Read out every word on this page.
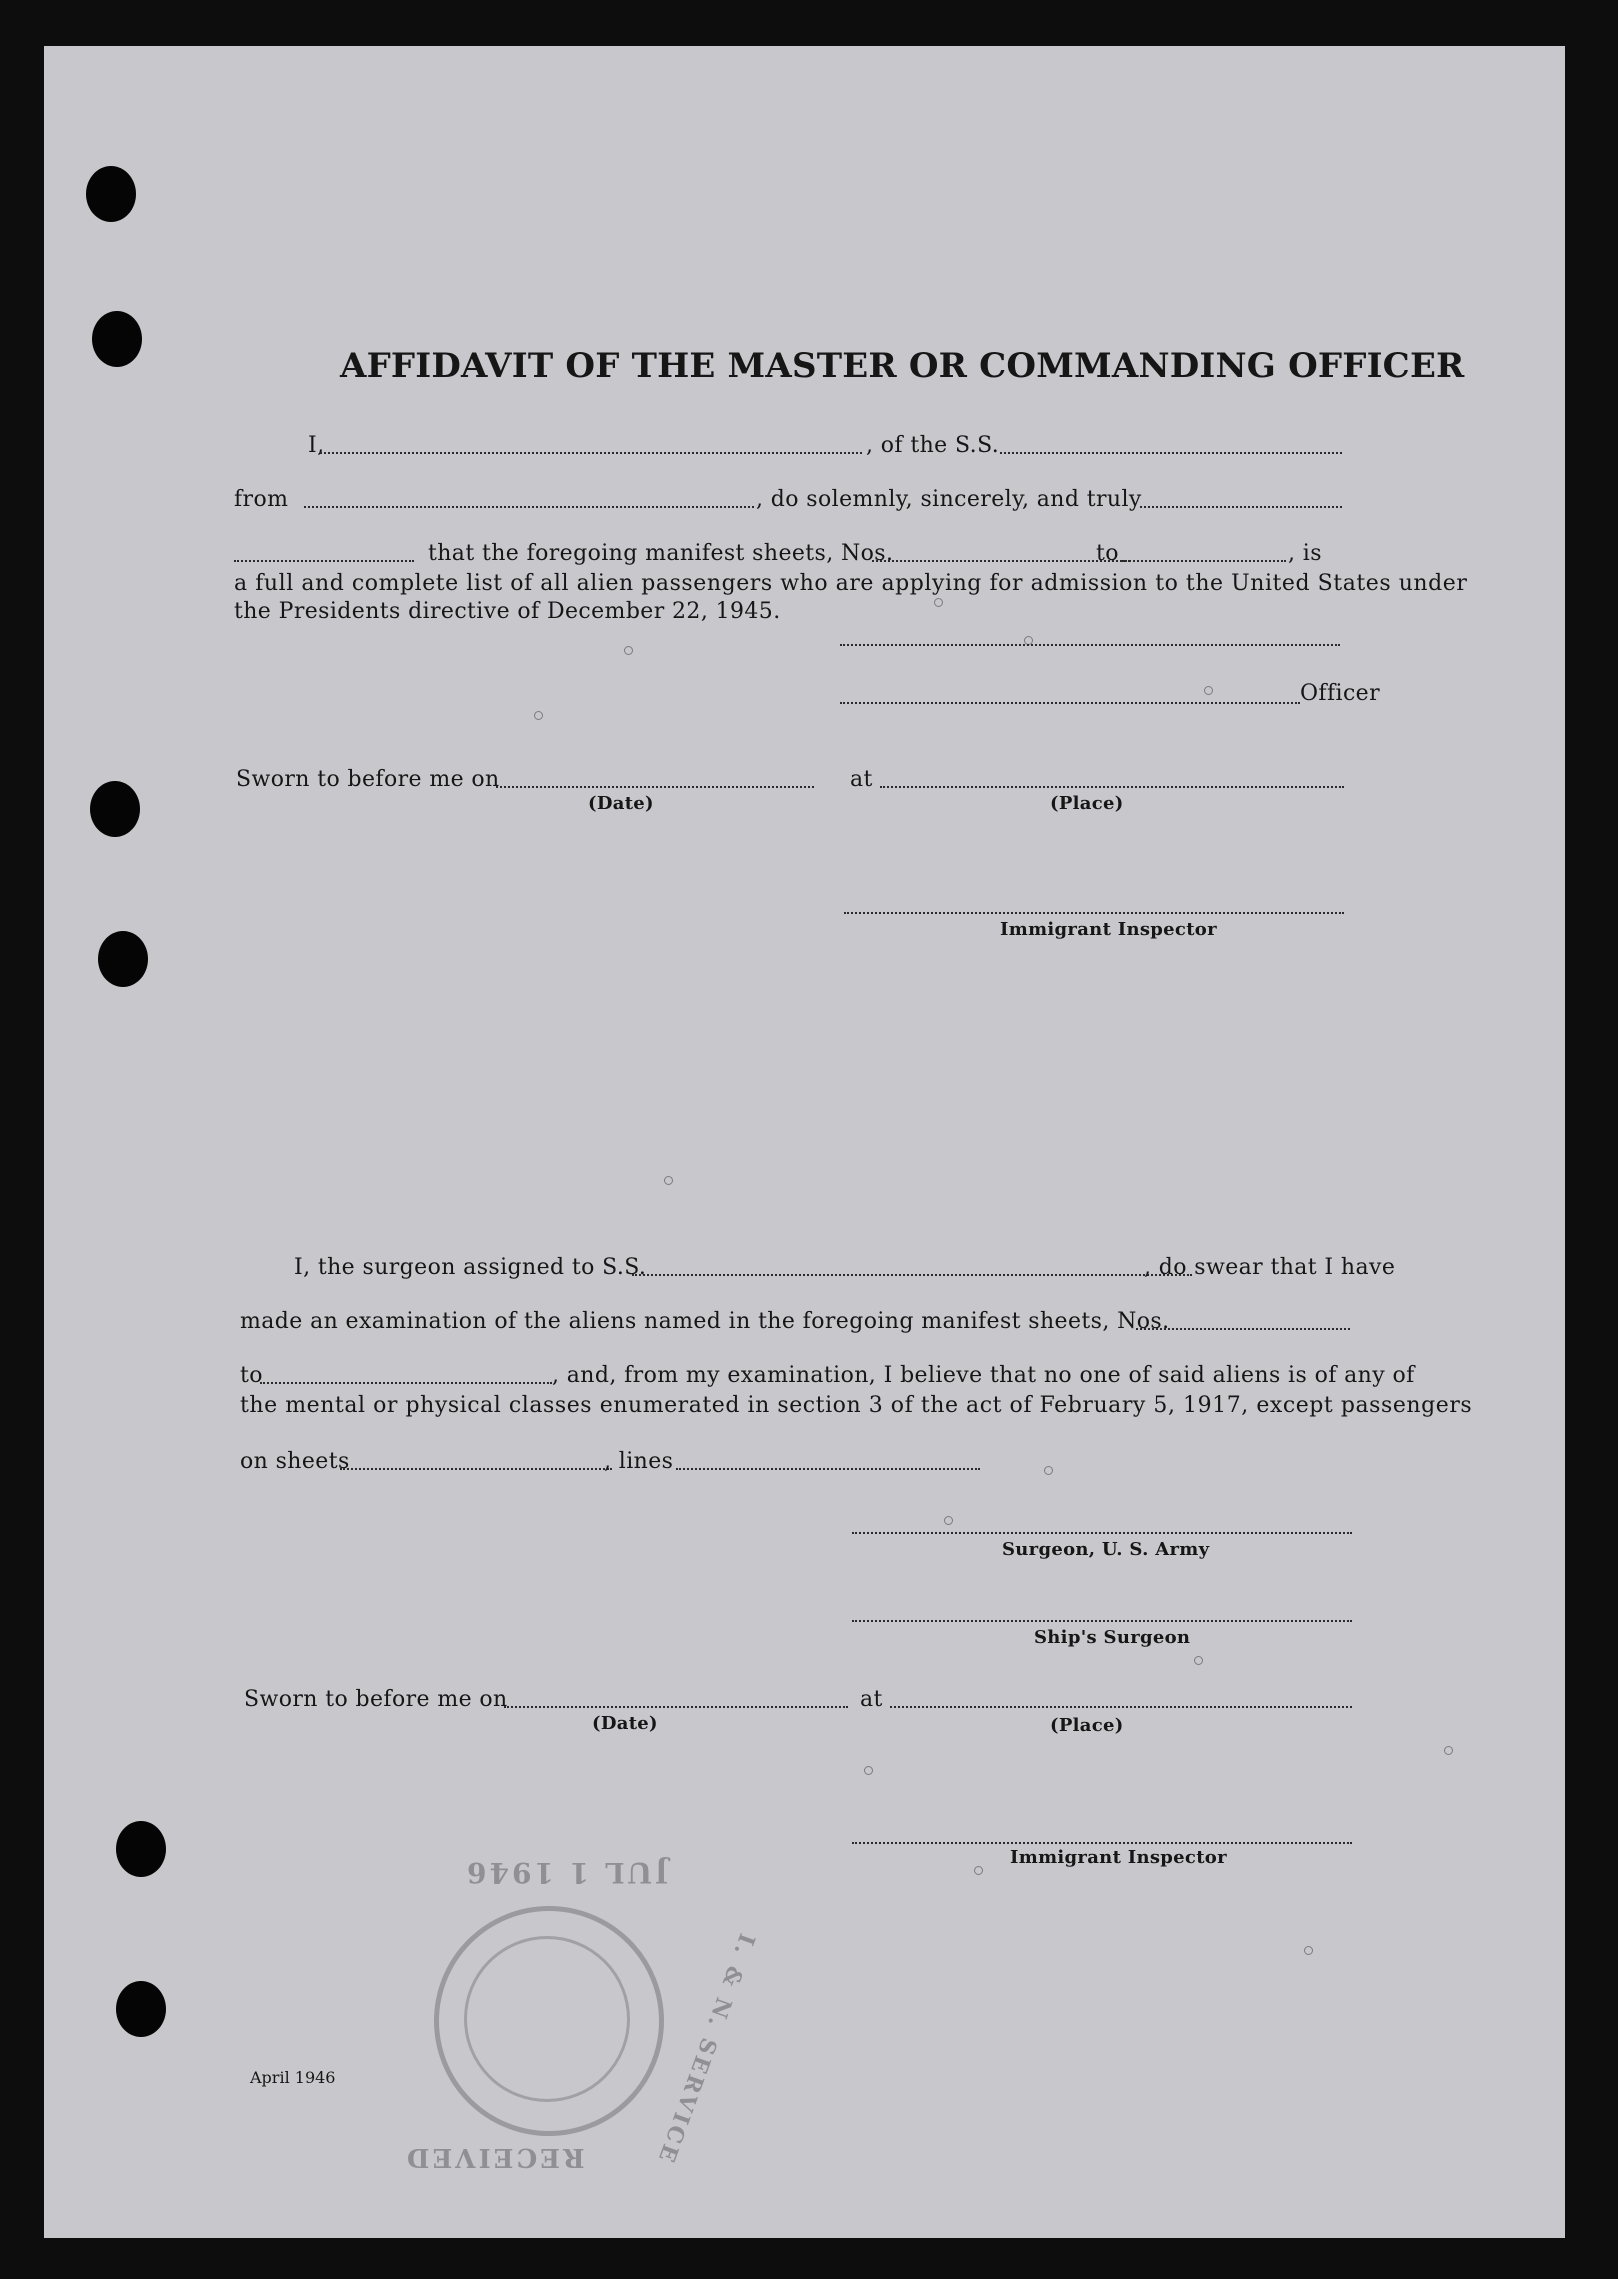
AFFIDAVIT OF THE MASTER OR COMMANDING OFFICER
I,	, of the S.S.
from	, do solemnly, sincerely, and truly
that the foregoing manifest sheets, Nos.	to	, is
a full and complete list of all alien passengers who are applying for admission to the United States under
the Presidents directive of December 22, 1945.
Officer
Sworn to before me on	at
(Date)	(Place)
Immigrant Inspector
I, the surgeon assigned to S.S.	, do swear that I have
made an examination of the aliens named in the foregoing manifest sheets, Nos.
to	, and, from my examination, I believe that no one of said aliens is of any of
the mental or physical classes enumerated in section 3 of the act of February 5, 1917, except passengers
on sheets	, lines
Surgeon, U. S. Army
Ship's Surgeon
Sworn to before me on	at
(Date)	(Place)
Immigrant Inspector
April 1946
RECEIVED
JUL 1 1946
I. & N. SERVICE
